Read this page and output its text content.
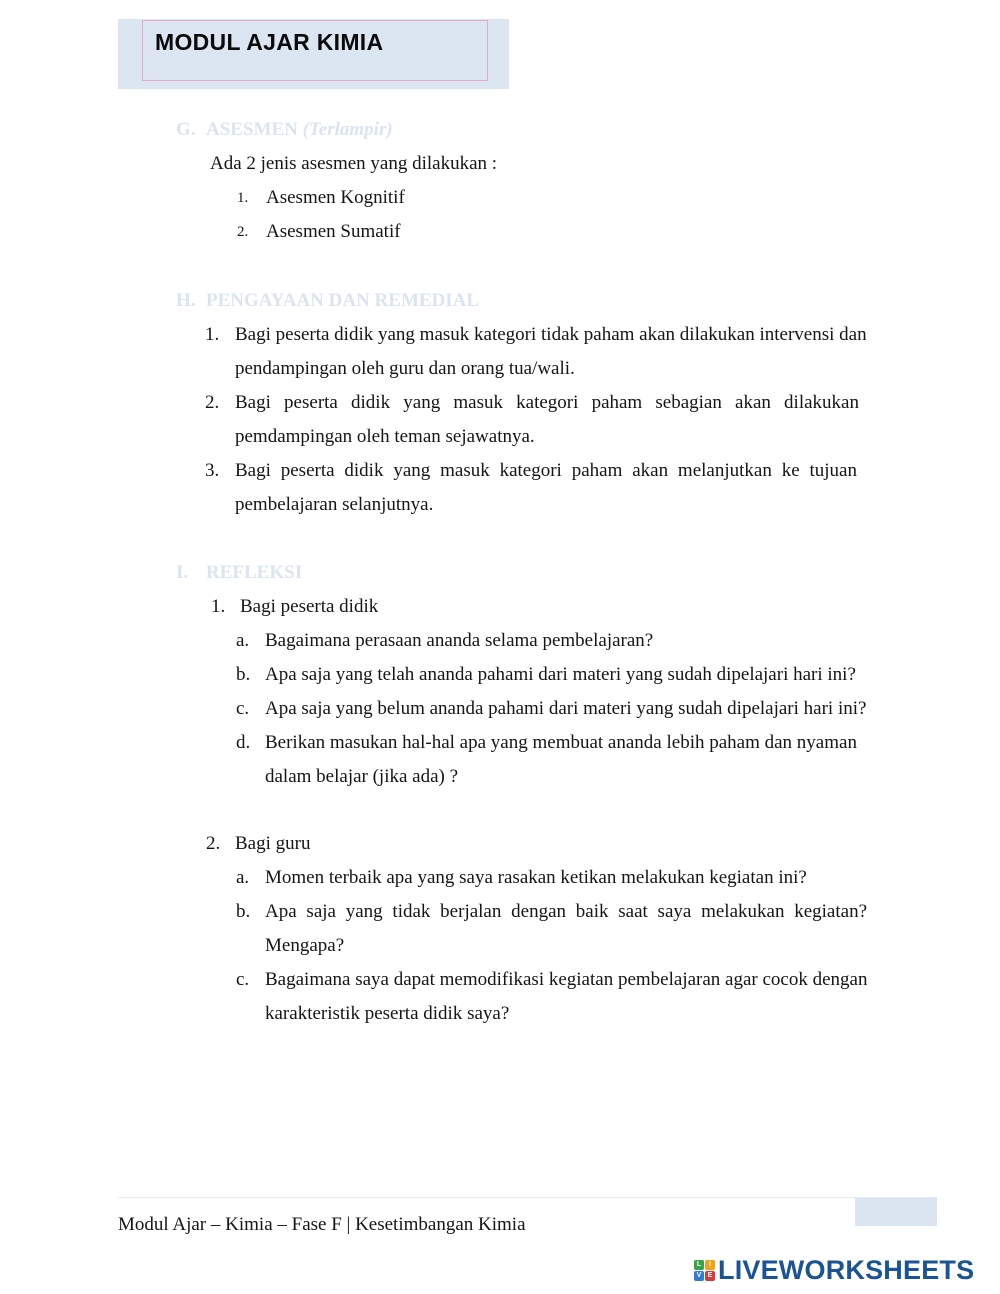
MODUL AJAR KIMIA
G. ASESMEN (Terlampir)
Ada 2 jenis asesmen yang dilakukan :
1. Asesmen Kognitif
2. Asesmen Sumatif
H. PENGAYAAN DAN REMEDIAL
1. Bagi peserta didik yang masuk kategori tidak paham akan dilakukan intervensi dan
pendampingan oleh guru dan orang tua/wali.
2. Bagi peserta didik yang masuk kategori paham sebagian akan dilakukan
pemdampingan oleh teman sejawatnya.
3. Bagi peserta didik yang masuk kategori paham akan melanjutkan ke tujuan
pembelajaran selanjutnya.
I. REFLEKSI
1. Bagi peserta didik
a. Bagaimana perasaan ananda selama pembelajaran?
b. Apa saja yang telah ananda pahami dari materi yang sudah dipelajari hari ini?
c. Apa saja yang belum ananda pahami dari materi yang sudah dipelajari hari ini?
d. Berikan masukan hal-hal apa yang membuat ananda lebih paham dan nyaman
dalam belajar (jika ada) ?
2. Bagi guru
a. Momen terbaik apa yang saya rasakan ketikan melakukan kegiatan ini?
b. Apa saja yang tidak berjalan dengan baik saat saya melakukan kegiatan?
Mengapa?
c. Bagaimana saya dapat memodifikasi kegiatan pembelajaran agar cocok dengan
karakteristik peserta didik saya?
Modul Ajar – Kimia – Fase F | Kesetimbangan Kimia
L	I
V E LIVEWORKSHEETS
